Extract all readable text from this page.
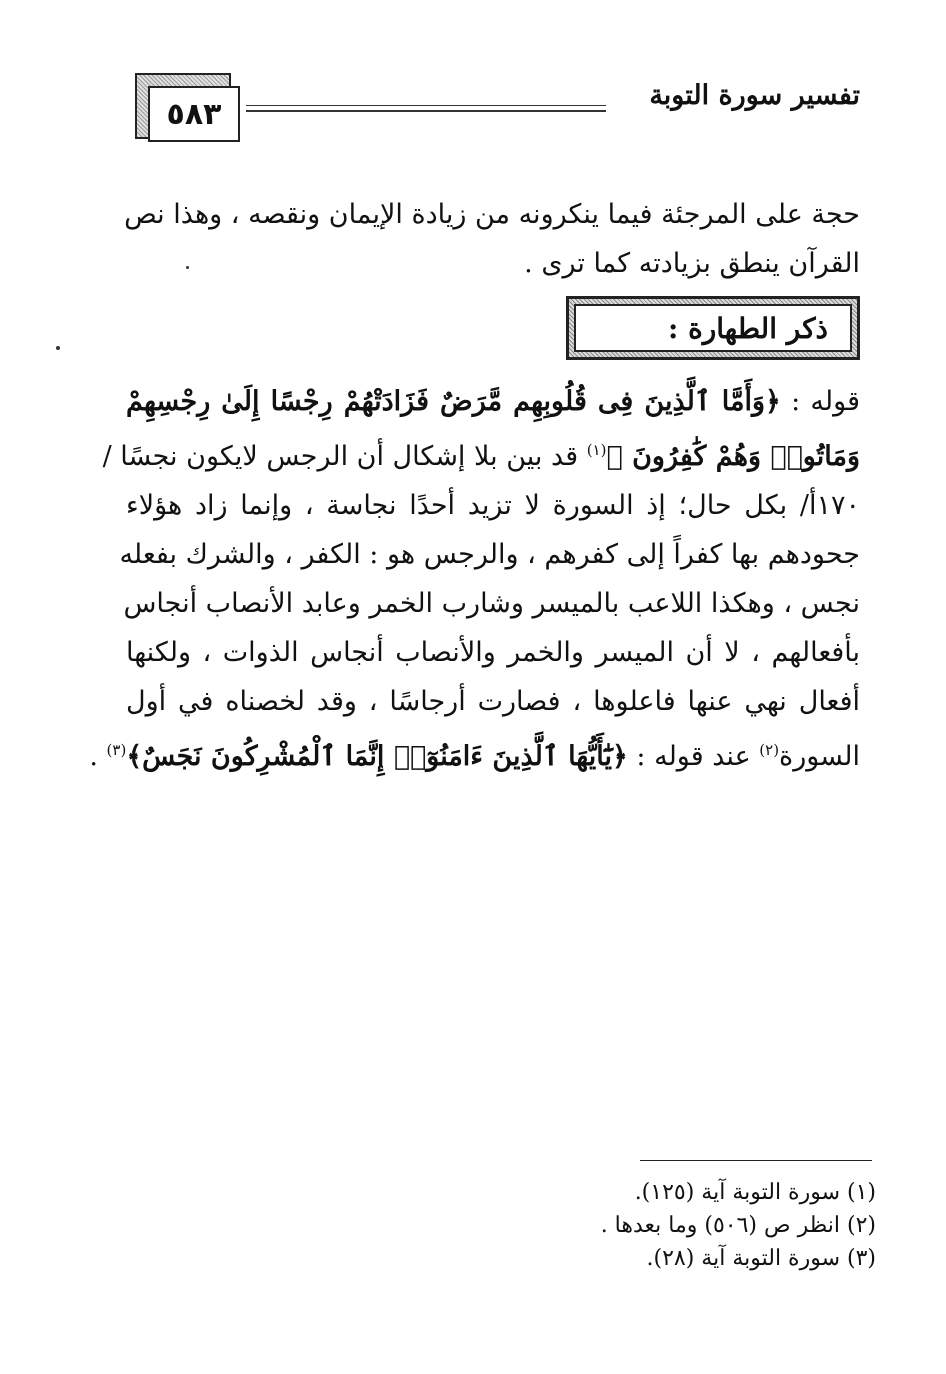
٥٨٣
تفسير سورة التوبة
حجة على المرجئة فيما ينكرونه من زيادة الإيمان ونقصه ، وهذا نص
القرآن ينطق بزيادته كما ترى .
ذكر الطهارة :
قوله : ﴿وَأَمَّا ٱلَّذِينَ فِى قُلُوبِهِم مَّرَضٌ فَزَادَتْهُمْ رِجْسًا إِلَىٰ رِجْسِهِمْ
وَمَاتُوا۟ وَهُمْ كَٰفِرُونَ ﴾$^{(١)}$ قد بين بلا إشكال أن الرجس لايكون نجسًا /
١٧٠أ/ بكل حال؛ إذ السورة لا تزيد أحدًا نجاسة ، وإنما زاد هؤلاء
جحودهم بها كفراً إلى كفرهم ، والرجس هو : الكفر ، والشرك بفعله
نجس ، وهكذا اللاعب بالميسر وشارب الخمر وعابد الأنصاب أنجاس
بأفعالهم ، لا أن الميسر والخمر والأنصاب أنجاس الذوات ، ولكنها
أفعال نهي عنها فاعلوها ، فصارت أرجاسًا ، وقد لخصناه في أول
السورة$^{(٢)}$ عند قوله : ﴿يَٰٓأَيُّهَا ٱلَّذِينَ ءَامَنُوٓا۟ إِنَّمَا ٱلْمُشْرِكُونَ نَجَسٌ﴾$^{(٣)}$ .
(١) سورة التوبة آية (١٢٥).
(٢) انظر ص (٥٠٦) وما بعدها .
(٣) سورة التوبة آية (٢٨).
